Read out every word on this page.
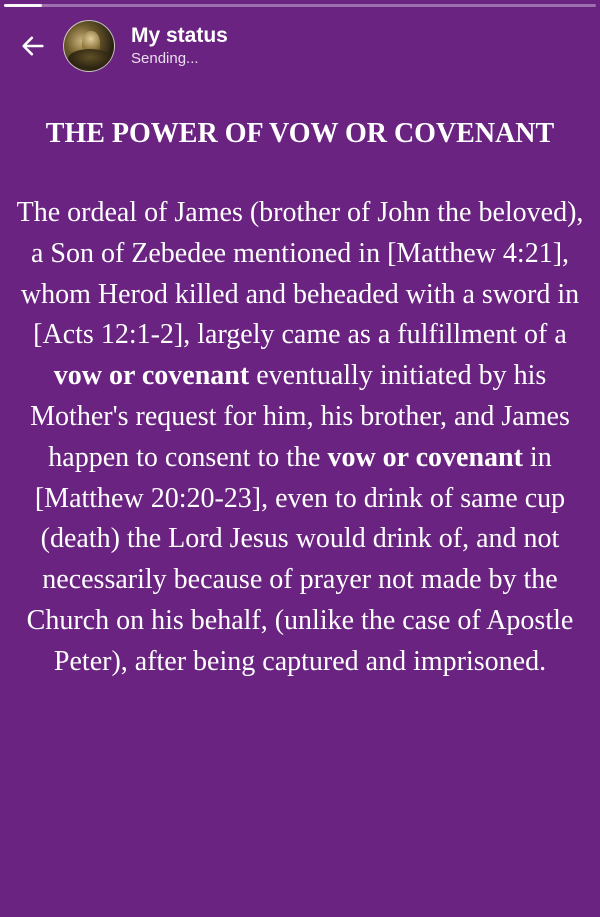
My status
Sending...

THE POWER OF VOW OR COVENANT

The ordeal of James (brother of John the beloved), a Son of Zebedee mentioned in [Matthew 4:21], whom Herod killed and beheaded with a sword in [Acts 12:1-2], largely came as a fulfillment of a vow or covenant eventually initiated by his Mother's request for him, his brother, and James happen to consent to the vow or covenant in [Matthew 20:20-23], even to drink of same cup (death) the Lord Jesus would drink of, and not necessarily because of prayer not made by the Church on his behalf, (unlike the case of Apostle Peter), after being captured and imprisoned.
